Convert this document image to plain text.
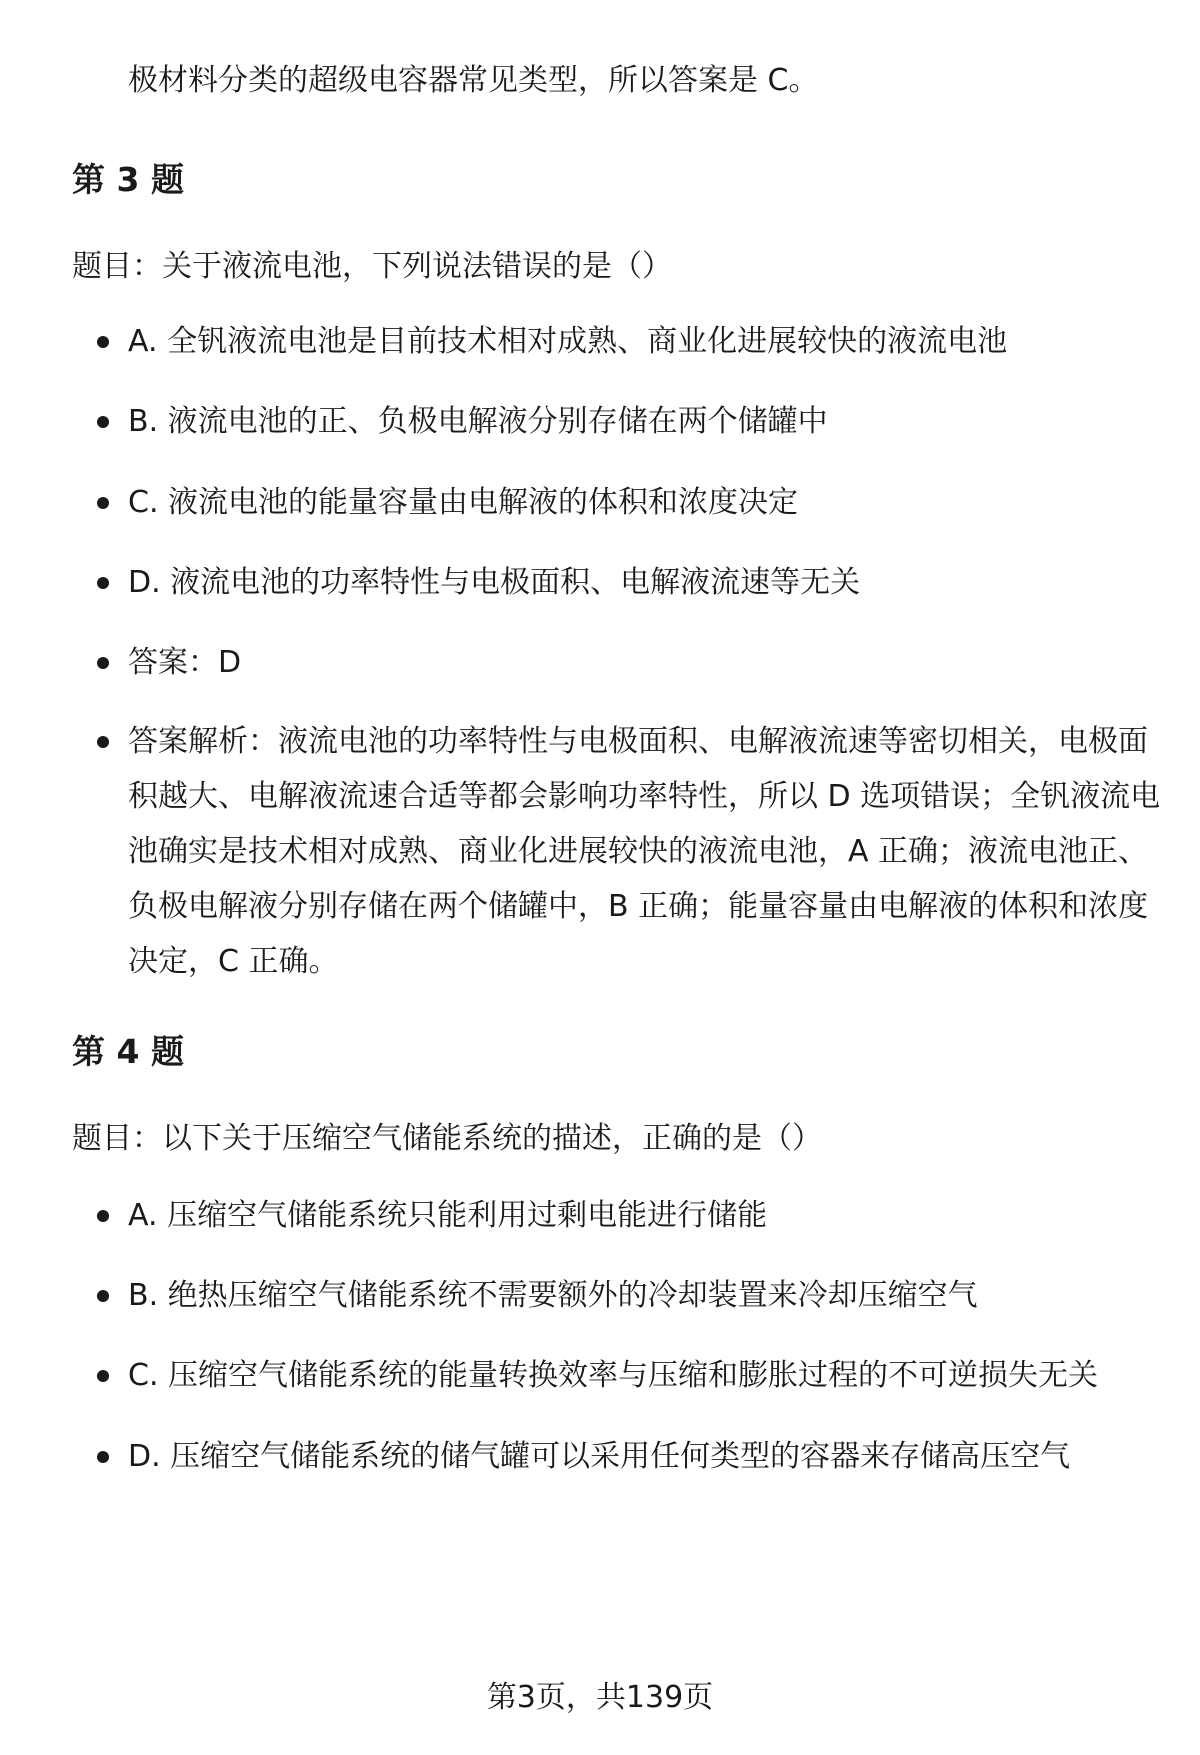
极材料分类的超级电容器常见类型，所以答案是 C。
第 3 题
题目：关于液流电池，下列说法错误的是（）
A. 全钒液流电池是目前技术相对成熟、商业化进展较快的液流电池
B. 液流电池的正、负极电解液分别存储在两个储罐中
C. 液流电池的能量容量由电解液的体积和浓度决定
D. 液流电池的功率特性与电极面积、电解液流速等无关
答案：D
答案解析：液流电池的功率特性与电极面积、电解液流速等密切相关，电极面积越大、电解液流速合适等都会影响功率特性，所以 D 选项错误；全钒液流电池确实是技术相对成熟、商业化进展较快的液流电池，A 正确；液流电池正、负极电解液分别存储在两个储罐中，B 正确；能量容量由电解液的体积和浓度决定，C 正确。
第 4 题
题目：以下关于压缩空气储能系统的描述，正确的是（）
A. 压缩空气储能系统只能利用过剩电能进行储能
B. 绝热压缩空气储能系统不需要额外的冷却装置来冷却压缩空气
C. 压缩空气储能系统的能量转换效率与压缩和膨胀过程的不可逆损失无关
D. 压缩空气储能系统的储气罐可以采用任何类型的容器来存储高压空气
第3页，共139页
